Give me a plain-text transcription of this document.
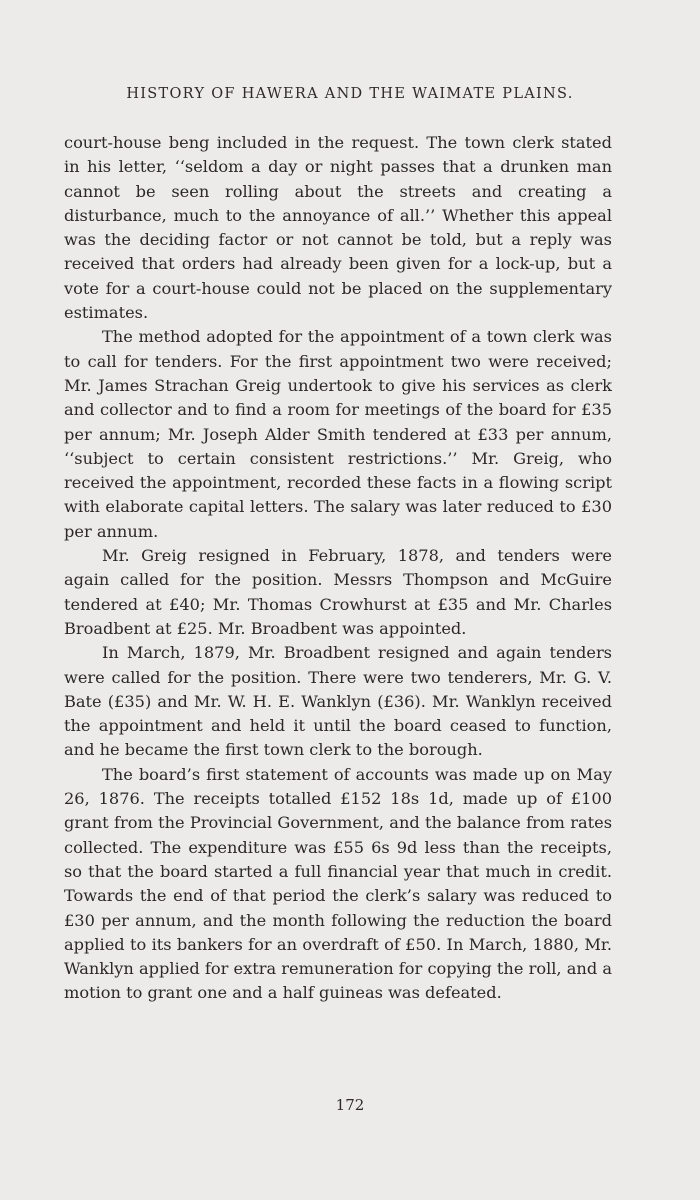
HISTORY OF HAWERA AND THE WAIMATE PLAINS.

court-house beng included in the request. The town clerk stated in his letter, ‘‘seldom a day or night passes that a drunken man cannot be seen rolling about the streets and creating a disturbance, much to the annoyance of all.’’ Whether this appeal was the deciding factor or not cannot be told, but a reply was received that orders had already been given for a lock-up, but a vote for a court-house could not be placed on the supplementary estimates.

The method adopted for the appointment of a town clerk was to call for tenders. For the first appointment two were received; Mr. James Strachan Greig undertook to give his services as clerk and collector and to find a room for meetings of the board for £35 per annum; Mr. Joseph Alder Smith tendered at £33 per annum, ‘‘subject to certain consistent restrictions.’’ Mr. Greig, who received the appointment, recorded these facts in a flowing script with elaborate capital letters. The salary was later reduced to £30 per annum.

Mr. Greig resigned in February, 1878, and tenders were again called for the position. Messrs Thompson and McGuire tendered at £40; Mr. Thomas Crowhurst at £35 and Mr. Charles Broadbent at £25. Mr. Broadbent was appointed.

In March, 1879, Mr. Broadbent resigned and again tenders were called for the position. There were two tenderers, Mr. G. V. Bate (£35) and Mr. W. H. E. Wanklyn (£36). Mr. Wanklyn received the appointment and held it until the board ceased to function, and he became the first town clerk to the borough.

The board’s first statement of accounts was made up on May 26, 1876. The receipts totalled £152 18s 1d, made up of £100 grant from the Provincial Government, and the balance from rates collected. The expenditure was £55 6s 9d less than the receipts, so that the board started a full financial year that much in credit. Towards the end of that period the clerk’s salary was reduced to £30 per annum, and the month following the reduction the board applied to its bankers for an overdraft of £50. In March, 1880, Mr. Wanklyn applied for extra remuneration for copying the roll, and a motion to grant one and a half guineas was defeated.

172
